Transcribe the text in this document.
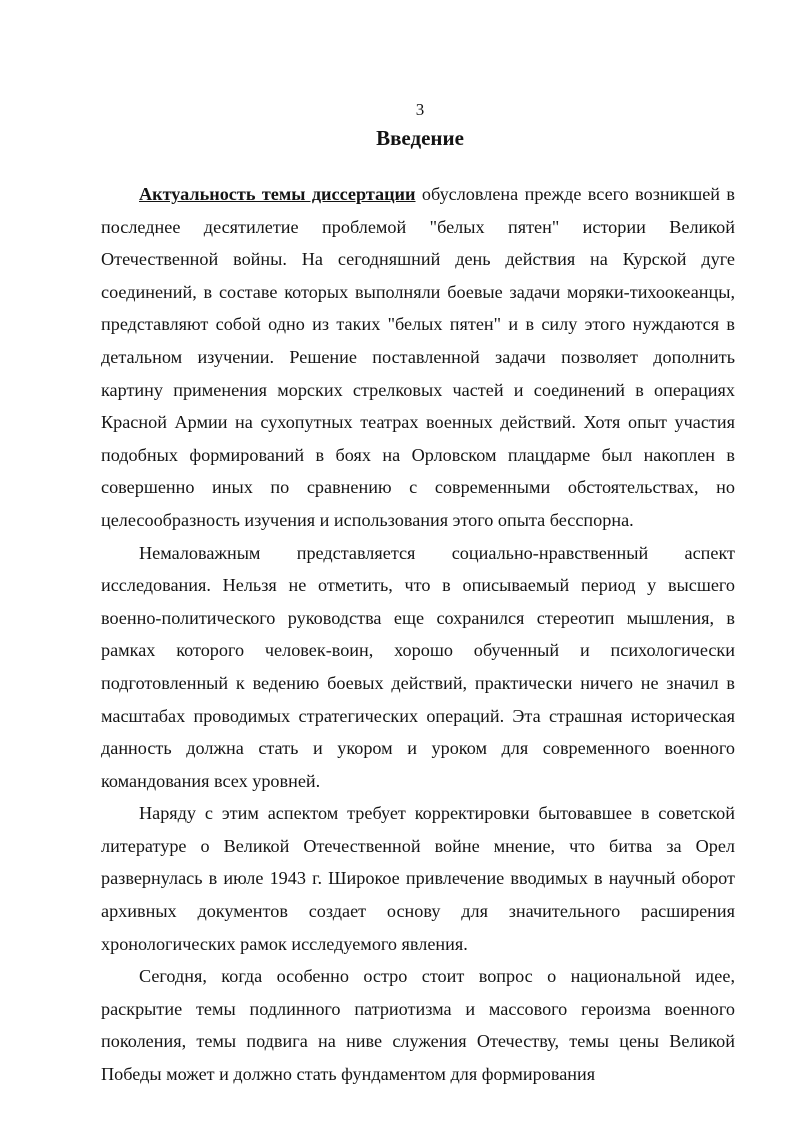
3
Введение

Актуальность темы диссертации обусловлена прежде всего возникшей в последнее десятилетие проблемой "белых пятен" истории Великой Отечественной войны. На сегодняшний день действия на Курской дуге соединений, в составе которых выполняли боевые задачи моряки-тихоокеанцы, представляют собой одно из таких "белых пятен" и в силу этого нуждаются в детальном изучении. Решение поставленной задачи позволяет дополнить картину применения морских стрелковых частей и соединений в операциях Красной Армии на сухопутных театрах военных действий. Хотя опыт участия подобных формирований в боях на Орловском плацдарме был накоплен в совершенно иных по сравнению с современными обстоятельствах, но целесообразность изучения и использования этого опыта бесспорна.

Немаловажным представляется социально-нравственный аспект исследования. Нельзя не отметить, что в описываемый период у высшего военно-политического руководства еще сохранился стереотип мышления, в рамках которого человек-воин, хорошо обученный и психологически подготовленный к ведению боевых действий, практически ничего не значил в масштабах проводимых стратегических операций. Эта страшная историческая данность должна стать и укором и уроком для современного военного командования всех уровней.

Наряду с этим аспектом требует корректировки бытовавшее в советской литературе о Великой Отечественной войне мнение, что битва за Орел развернулась в июле 1943 г. Широкое привлечение вводимых в научный оборот архивных документов создает основу для значительного расширения хронологических рамок исследуемого явления.

Сегодня, когда особенно остро стоит вопрос о национальной идее, раскрытие темы подлинного патриотизма и массового героизма военного поколения, темы подвига на ниве служения Отечеству, темы цены Великой Победы может и должно стать фундаментом для формирования
